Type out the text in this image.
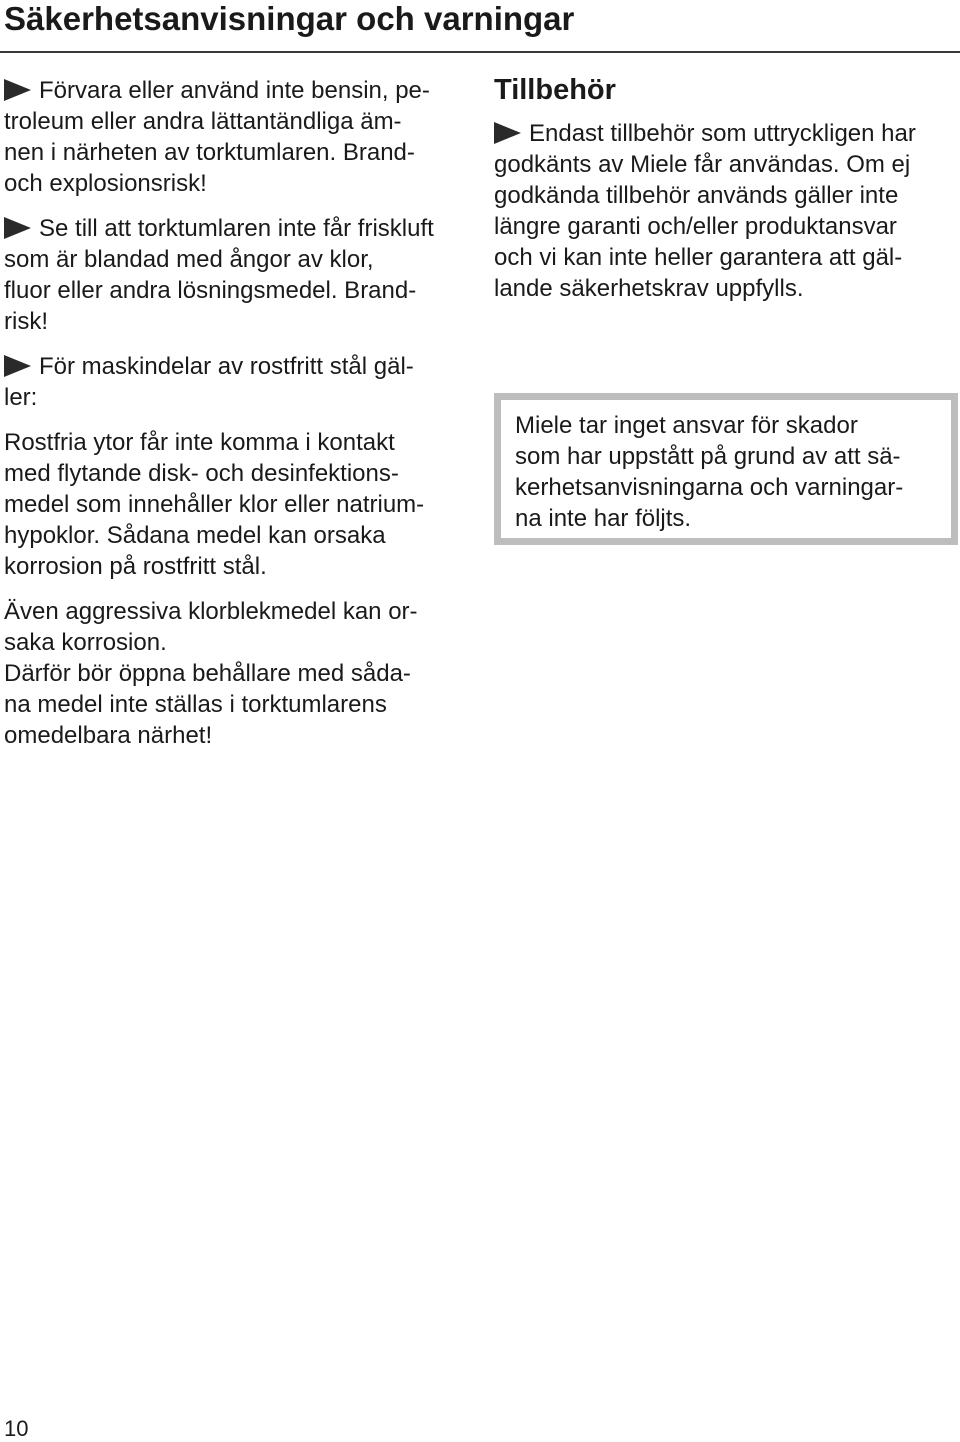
Säkerhetsanvisningar och varningar
Förvara eller använd inte bensin, pe-
troleum eller andra lättantändliga äm-
nen i närheten av torktumlaren. Brand-
och explosionsrisk!
Se till att torktumlaren inte får friskluft
som är blandad med ångor av klor,
fluor eller andra lösningsmedel. Brand-
risk!
För maskindelar av rostfritt stål gäl-
ler:
Rostfria ytor får inte komma i kontakt
med flytande disk- och desinfektions-
medel som innehåller klor eller natrium-
hypoklor. Sådana medel kan orsaka
korrosion på rostfritt stål.
Även aggressiva klorblekmedel kan or-
saka korrosion.
Därför bör öppna behållare med såda-
na medel inte ställas i torktumlarens
omedelbara närhet!
Tillbehör
Endast tillbehör som uttryckligen har
godkänts av Miele får användas. Om ej
godkända tillbehör används gäller inte
längre garanti och/eller produktansvar
och vi kan inte heller garantera att gäl-
lande säkerhetskrav uppfylls.
Miele tar inget ansvar för skador
som har uppstått på grund av att sä-
kerhetsanvisningarna och varningar-
na inte har följts.
10
